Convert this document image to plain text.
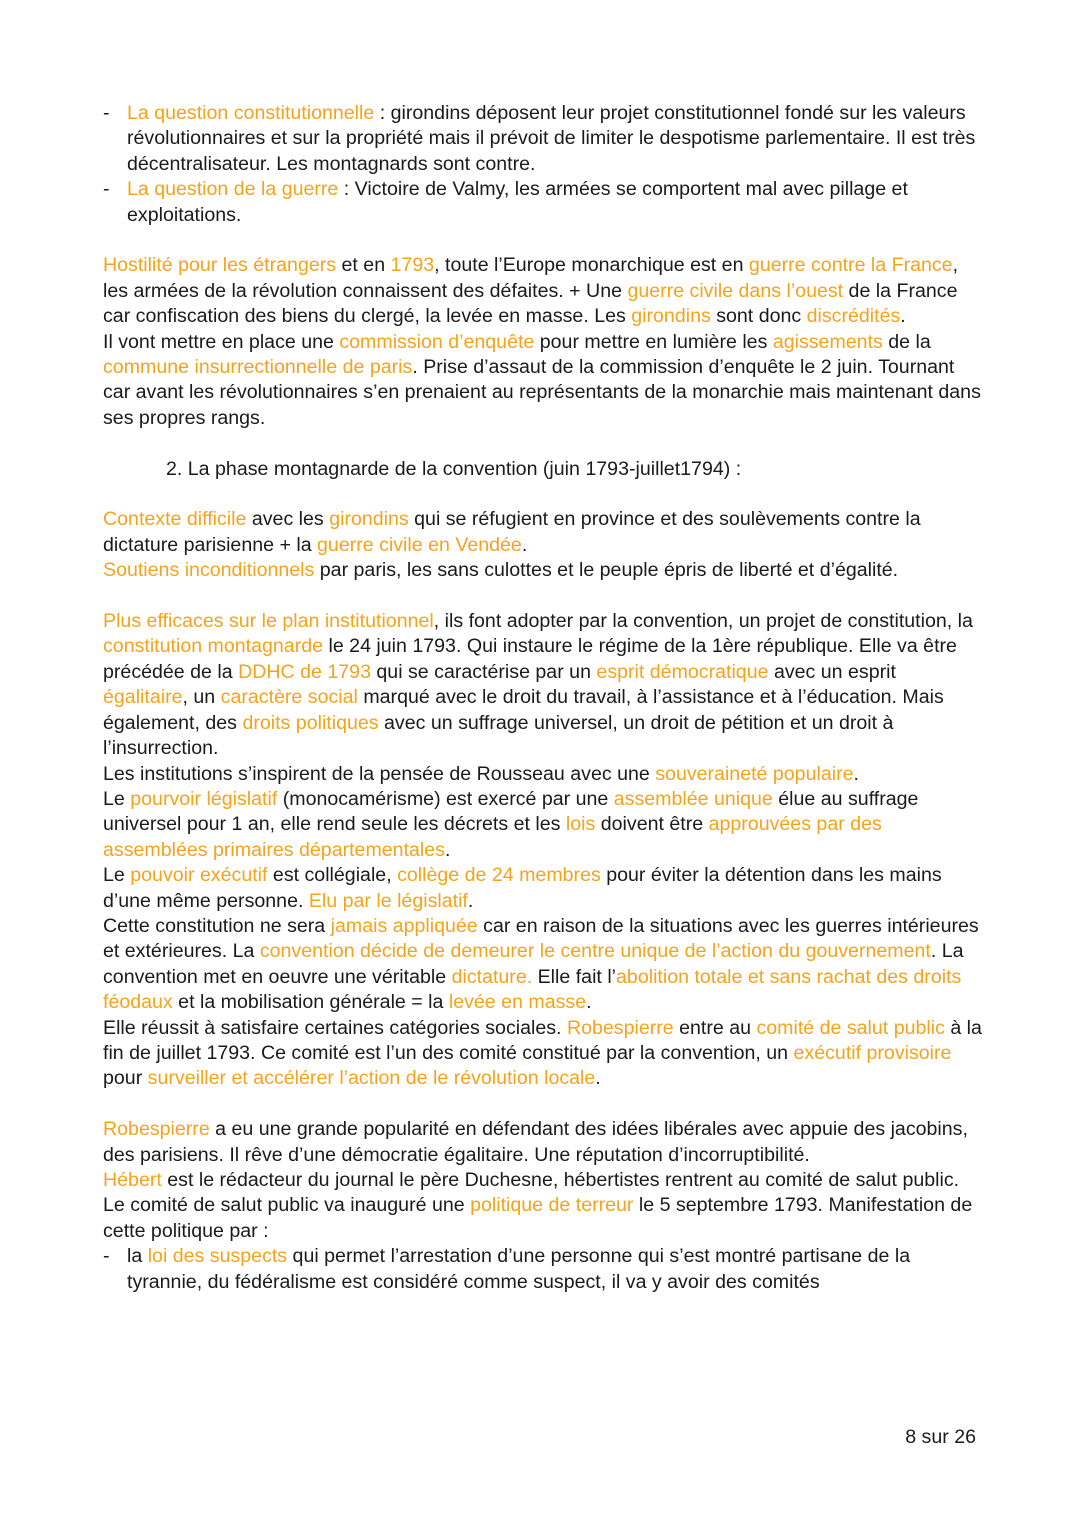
- La question constitutionnelle : girondins déposent leur projet constitutionnel fondé sur les valeurs révolutionnaires et sur la propriété mais il prévoit de limiter le despotisme parlementaire. Il est très décentralisateur. Les montagnards sont contre.
- La question de la guerre : Victoire de Valmy, les armées se comportent mal avec pillage et exploitations.

Hostilité pour les étrangers et en 1793, toute l’Europe monarchique est en guerre contre la France, les armées de la révolution connaissent des défaites. + Une guerre civile dans l’ouest de la France car confiscation des biens du clergé, la levée en masse. Les girondins sont donc discrédités.

Il vont mettre en place une commission d’enquête pour mettre en lumière les agissements de la commune insurrectionnelle de paris. Prise d’assaut de la commission d’enquête le 2 juin. Tournant car avant les révolutionnaires s’en prenaient au représentants de la monarchie mais maintenant dans ses propres rangs.

2. La phase montagnarde de la convention (juin 1793-juillet1794) :

Contexte difficile avec les girondins qui se réfugient en province et des soulèvements contre la dictature parisienne + la guerre civile en Vendée.

Soutiens inconditionnels par paris, les sans culottes et le peuple épris de liberté et d’égalité.

Plus efficaces sur le plan institutionnel, ils font adopter par la convention, un projet de constitution, la constitution montagnarde le 24 juin 1793. Qui instaure le régime de la 1ère république. Elle va être précédée de la DDHC de 1793 qui se caractérise par un esprit démocratique avec un esprit égalitaire, un caractère social marqué avec le droit du travail, à l’assistance et à l’éducation. Mais également, des droits politiques avec un suffrage universel, un droit de pétition et un droit à l’insurrection.

Les institutions s’inspirent de la pensée de Rousseau avec une souveraineté populaire.

Le pourvoir législatif (monocamérisme) est exercé par une assemblée unique élue au suffrage universel pour 1 an, elle rend seule les décrets et les lois doivent être approuvées par des assemblées primaires départementales.

Le pouvoir exécutif est collégiale, collège de 24 membres pour éviter la détention dans les mains d’une même personne. Elu par le législatif.

Cette constitution ne sera jamais appliquée car en raison de la situations avec les guerres intérieures et extérieures. La convention décide de demeurer le centre unique de l’action du gouvernement. La convention met en oeuvre une véritable dictature. Elle fait l’abolition totale et sans rachat des droits féodaux et la mobilisation générale = la levée en masse.

Elle réussit à satisfaire certaines catégories sociales. Robespierre entre au comité de salut public à la fin de juillet 1793. Ce comité est l’un des comité constitué par la convention, un exécutif provisoire pour surveiller et accélérer l’action de le révolution locale.

Robespierre a eu une grande popularité en défendant des idées libérales avec appuie des jacobins, des parisiens. Il rêve d’une démocratie égalitaire. Une réputation d’incorruptibilité.

Hébert est le rédacteur du journal le père Duchesne, hébertistes rentrent au comité de salut public. Le comité de salut public va inauguré une politique de terreur le 5 septembre 1793. Manifestation de cette politique par :

- la loi des suspects qui permet l’arrestation d’une personne qui s’est montré partisane de la tyrannie, du fédéralisme est considéré comme suspect, il va y avoir des comités
8 sur 26
